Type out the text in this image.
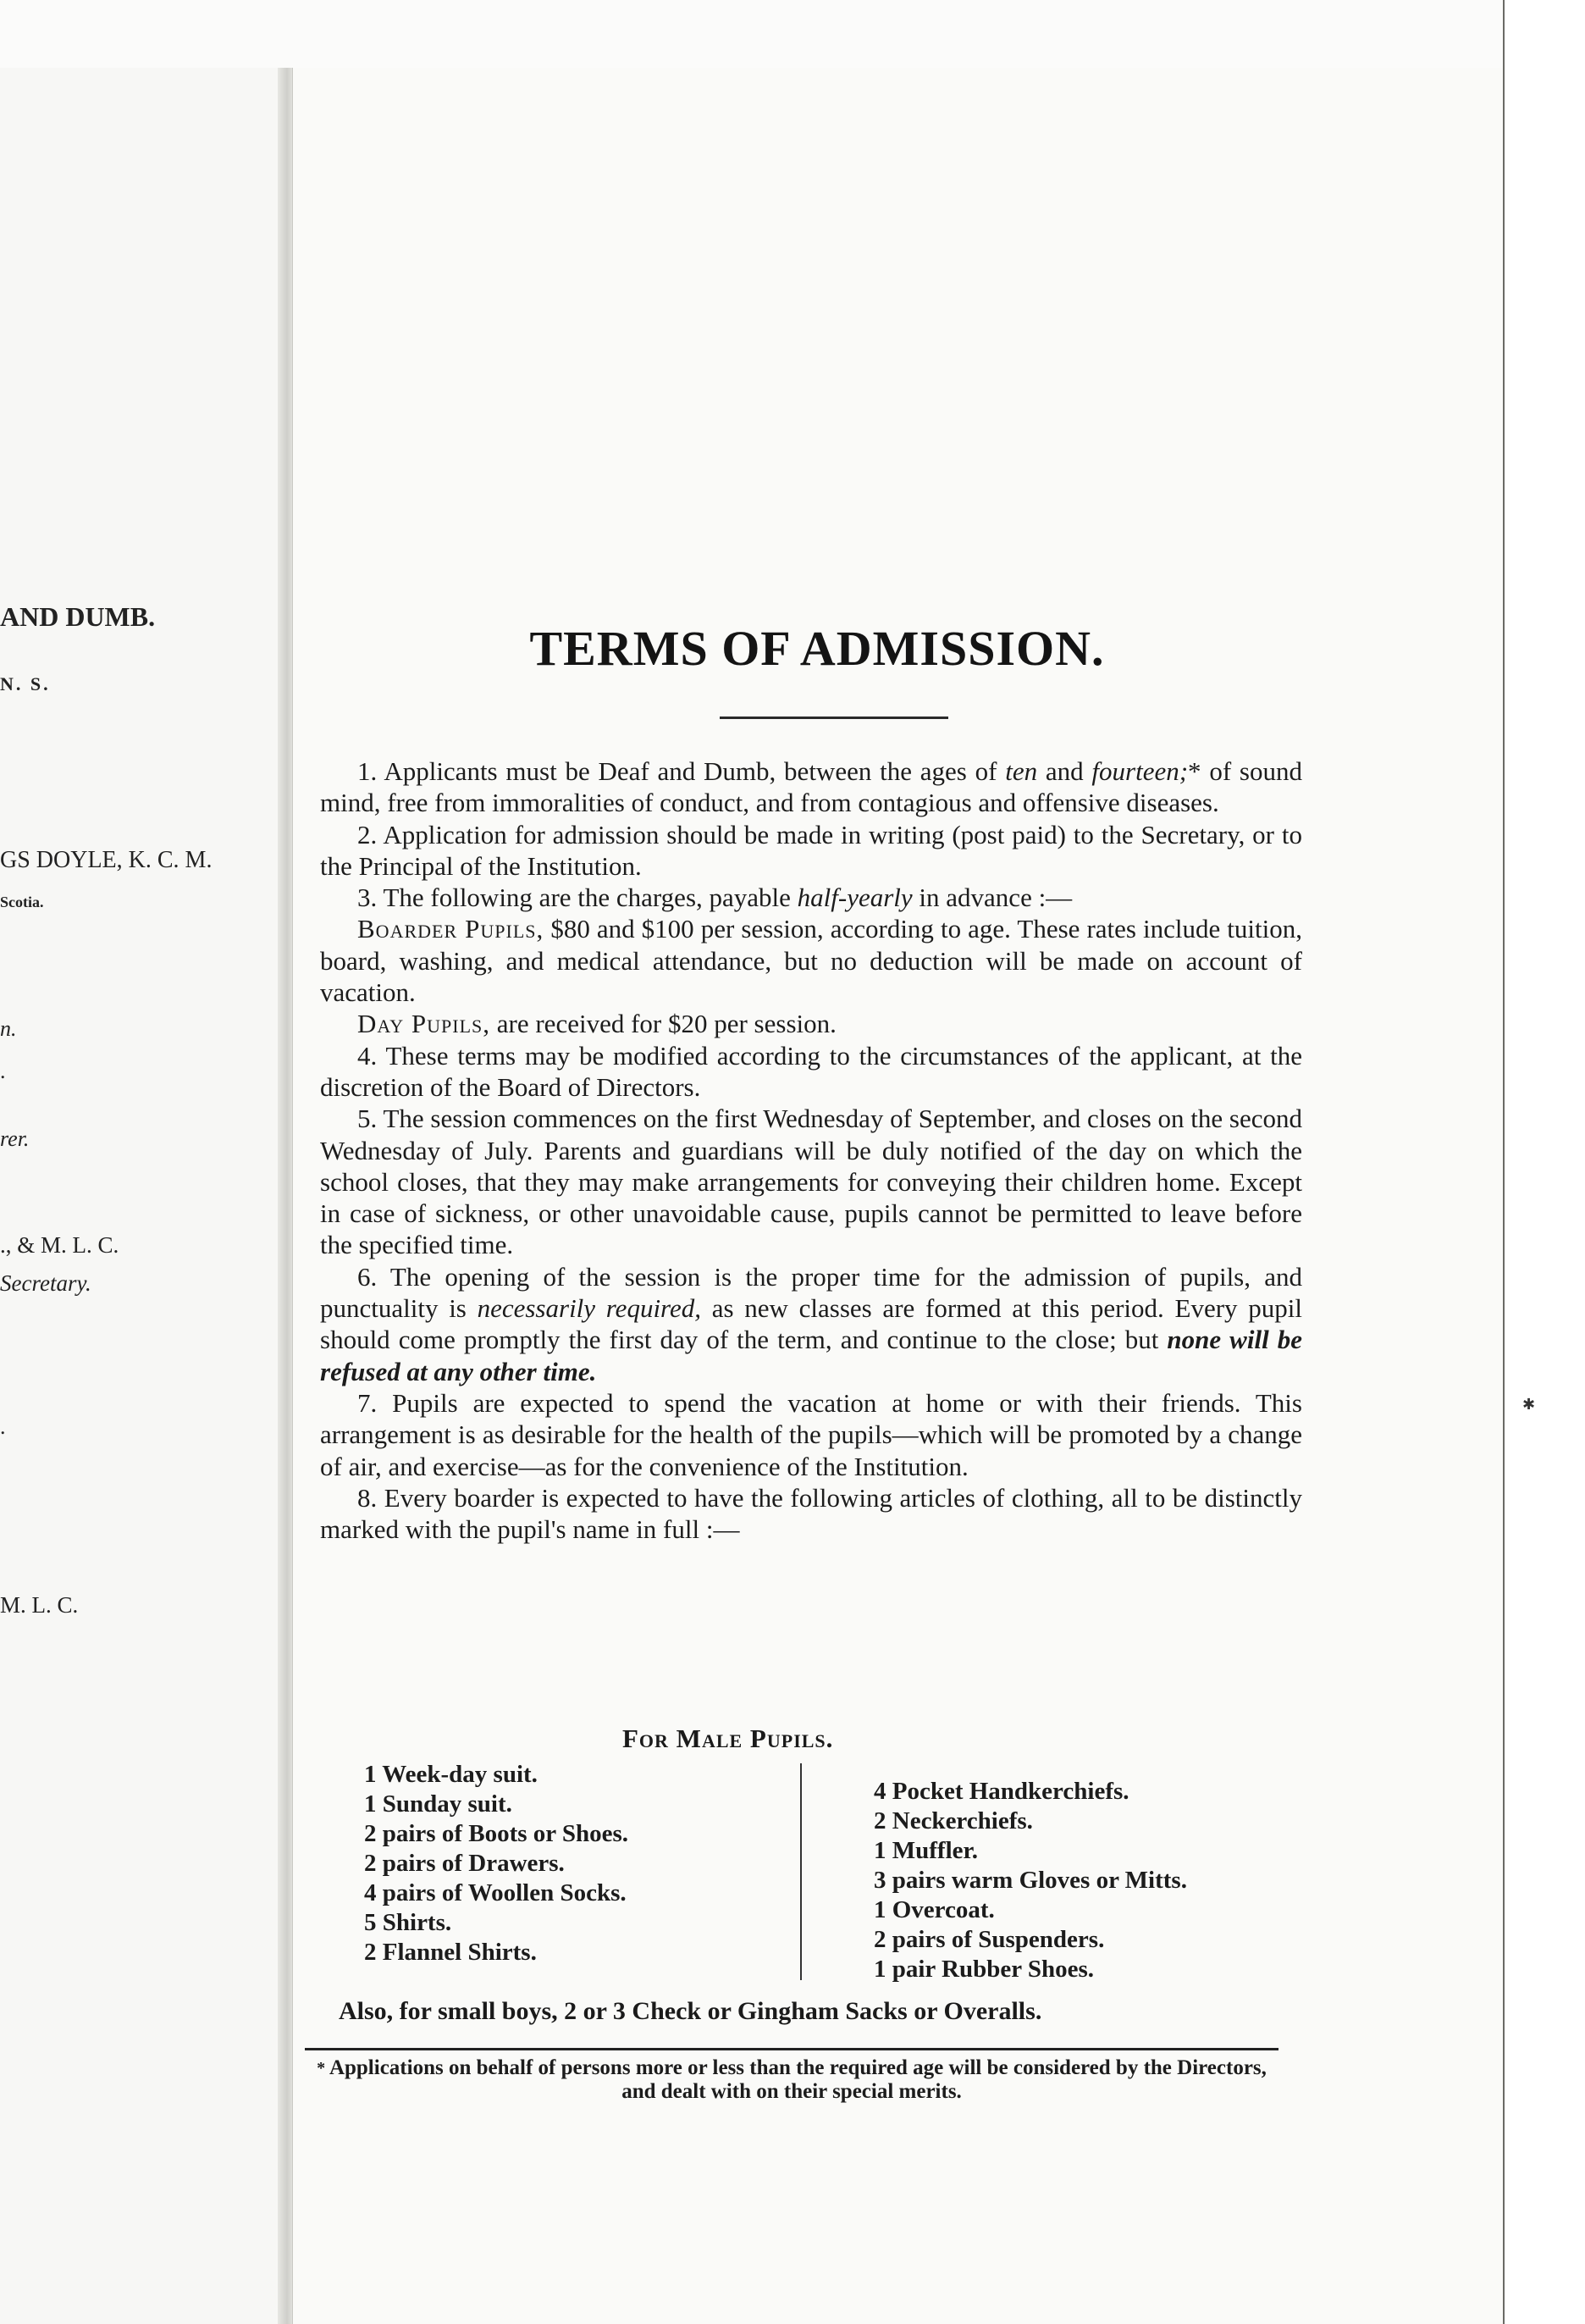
AND DUMB.
N. S.
GS DOYLE, K. C. M.
Scotia.
n.
.
rer.
., & M. L. C.
Secretary.
.
M. L. C.
✱
TERMS OF ADMISSION.

1. Applicants must be Deaf and Dumb, between the ages of ten and fourteen;* of sound mind, free from immoralities of conduct, and from contagious and offensive diseases.

2. Application for admission should be made in writing (post paid) to the Secretary, or to the Principal of the Institution.

3. The following are the charges, payable half-yearly in advance :—

Boarder Pupils, $80 and $100 per session, according to age. These rates include tuition, board, washing, and medical attendance, but no deduction will be made on account of vacation.

Day Pupils, are received for $20 per session.

4. These terms may be modified according to the circumstances of the applicant, at the discretion of the Board of Directors.

5. The session commences on the first Wednesday of September, and closes on the second Wednesday of July. Parents and guardians will be duly notified of the day on which the school closes, that they may make arrangements for conveying their children home. Except in case of sickness, or other unavoidable cause, pupils cannot be permitted to leave before the specified time.

6. The opening of the session is the proper time for the admission of pupils, and punctuality is necessarily required, as new classes are formed at this period. Every pupil should come promptly the first day of the term, and continue to the close; but none will be refused at any other time.

7. Pupils are expected to spend the vacation at home or with their friends. This arrangement is as desirable for the health of the pupils—which will be promoted by a change of air, and exercise—as for the convenience of the Institution.

8. Every boarder is expected to have the following articles of clothing, all to be distinctly marked with the pupil's name in full :—

For Male Pupils.
1 Week-day suit.
1 Sunday suit.
2 pairs of Boots or Shoes.
2 pairs of Drawers.
4 pairs of Woollen Socks.
5 Shirts.
2 Flannel Shirts.
4 Pocket Handkerchiefs.
2 Neckerchiefs.
1 Muffler.
3 pairs warm Gloves or Mitts.
1 Overcoat.
2 pairs of Suspenders.
1 pair Rubber Shoes.
Also, for small boys, 2 or 3 Check or Gingham Sacks or Overalls.
* Applications on behalf of persons more or less than the required age will be considered by the Directors, and dealt with on their special merits.
